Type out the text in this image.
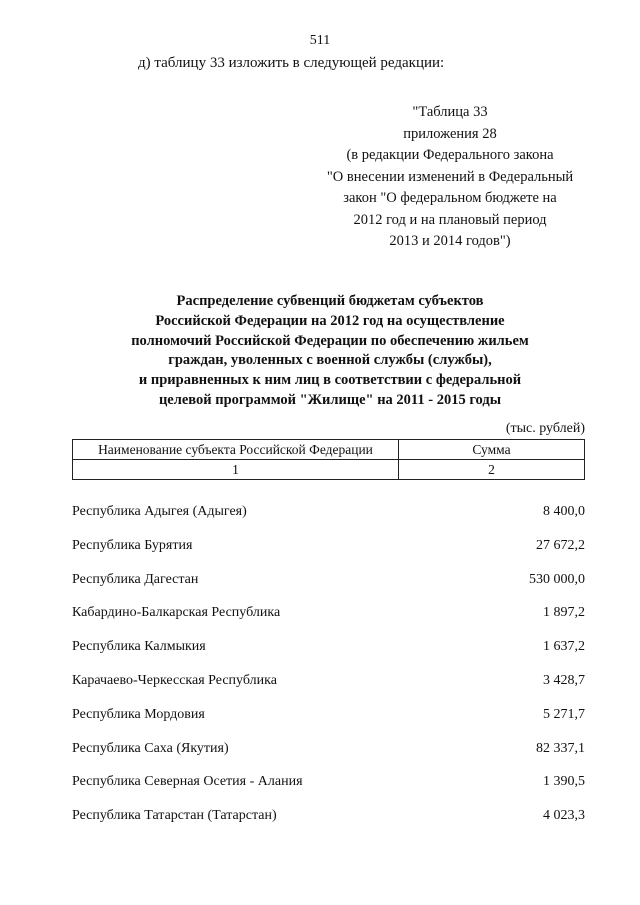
511
д) таблицу 33 изложить в следующей редакции:
"Таблица 33
приложения 28
(в редакции Федерального закона
"О внесении изменений в Федеральный
закон "О федеральном бюджете на
2012 год и на плановый период
2013 и 2014 годов")
Распределение субвенций бюджетам субъектов
Российской Федерации на 2012 год на осуществление
полномочий Российской Федерации по обеспечению жильем
граждан, уволенных с военной службы (службы),
и приравненных к ним лиц в соответствии с федеральной
целевой программой "Жилище" на 2011 - 2015 годы
(тыс. рублей)
Наименование субъекта Российской Федерации	Сумма
1	2
Республика Адыгея (Адыгея)	8 400,0
Республика Бурятия	27 672,2
Республика Дагестан	530 000,0
Кабардино-Балкарская Республика	1 897,2
Республика Калмыкия	1 637,2
Карачаево-Черкесская Республика	3 428,7
Республика Мордовия	5 271,7
Республика Саха (Якутия)	82 337,1
Республика Северная Осетия - Алания	1 390,5
Республика Татарстан (Татарстан)	4 023,3
